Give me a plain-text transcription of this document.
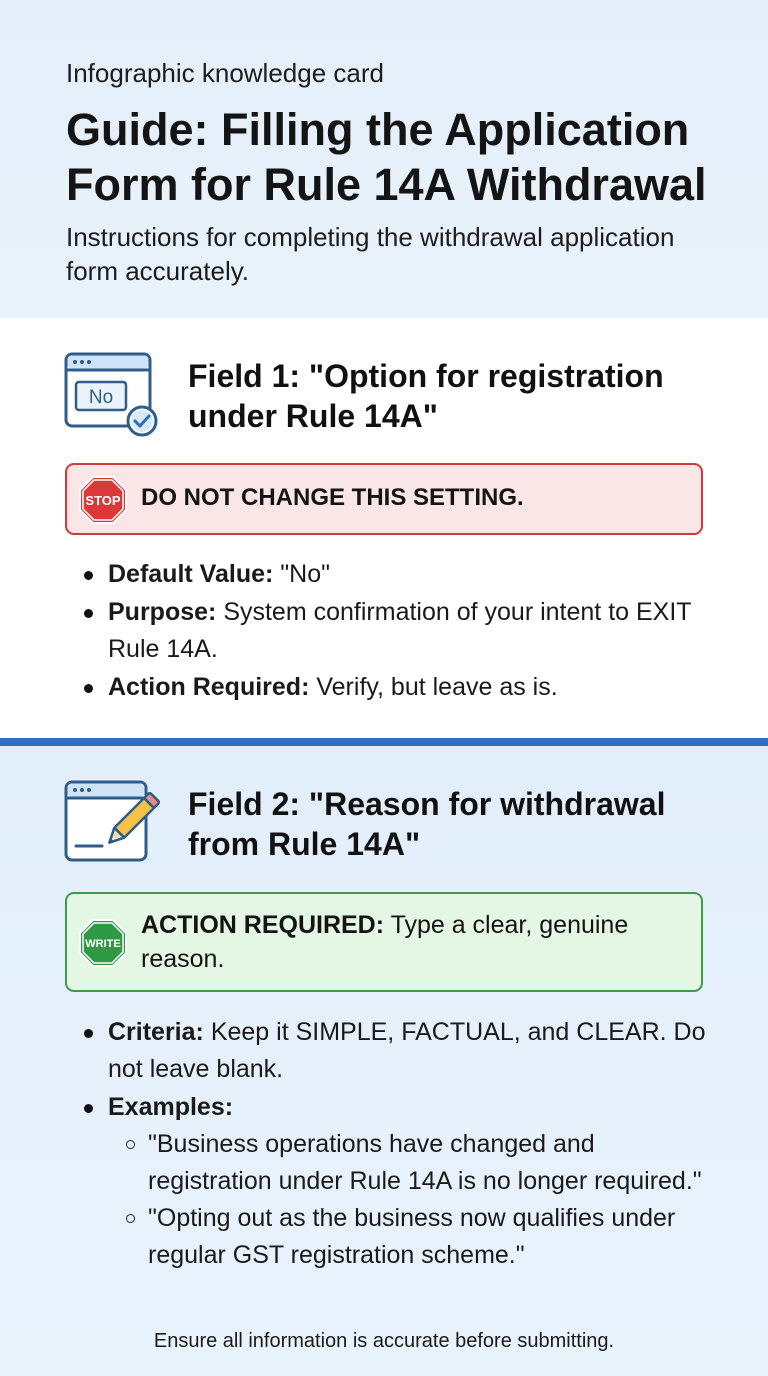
Infographic knowledge card
Guide: Filling the Application Form for Rule 14A Withdrawal
Instructions for completing the withdrawal application form accurately.
No
Field 1: "Option for registration under Rule 14A"
STOP DO NOT CHANGE THIS SETTING.
Default Value: "No"
Purpose: System confirmation of your intent to EXIT Rule 14A.
Action Required: Verify, but leave as is.
Field 2: "Reason for withdrawal from Rule 14A"
WRITE
ACTION REQUIRED: Type a clear, genuine reason.
Criteria: Keep it SIMPLE, FACTUAL, and CLEAR. Do not leave blank.
Examples:
"Business operations have changed and registration under Rule 14A is no longer required."
"Opting out as the business now qualifies under regular GST registration scheme."
Ensure all information is accurate before submitting.
